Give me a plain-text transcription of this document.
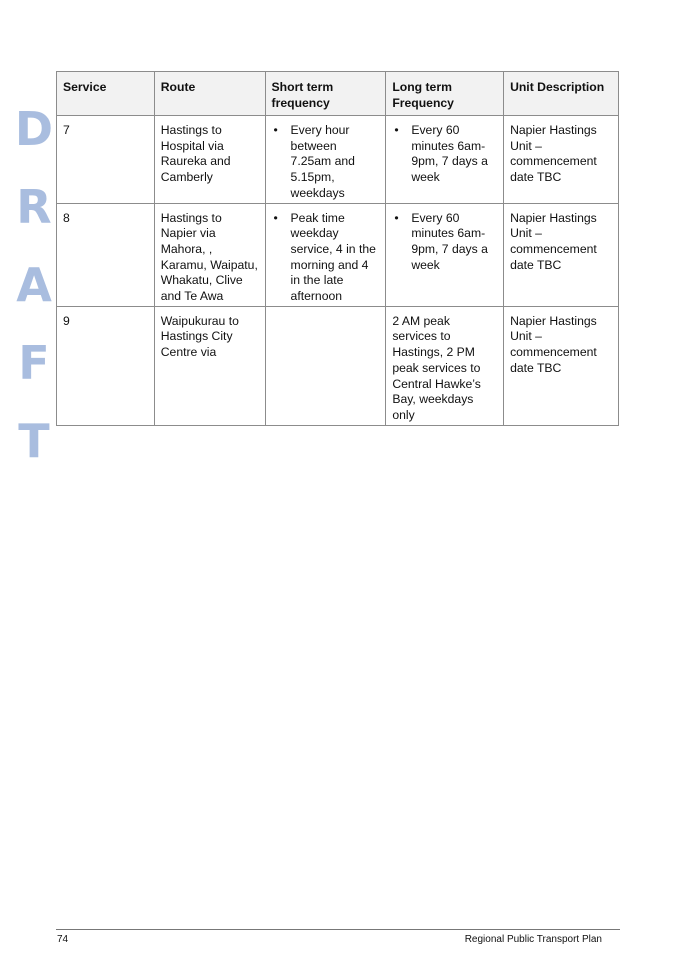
D
R
A
F
T
Service	Route	Short term frequency	Long term Frequency	Unit Description
7	Hastings to Hospital via Raureka and Camberly	• Every hour between 7.25am and 5.15pm, weekdays	• Every 60 minutes 6am-9pm, 7 days a week	Napier Hastings Unit – commencement date TBC
8	Hastings to Napier via Mahora, , Karamu, Waipatu, Whakatu, Clive and Te Awa	• Peak time weekday service, 4 in the morning and 4 in the late afternoon	• Every 60 minutes 6am-9pm, 7 days a week	Napier Hastings Unit – commencement date TBC
9	Waipukurau to Hastings City Centre via		2 AM peak services to Hastings, 2 PM peak services to Central Hawke’s Bay, weekdays only	Napier Hastings Unit – commencement date TBC
74	Regional Public Transport Plan
